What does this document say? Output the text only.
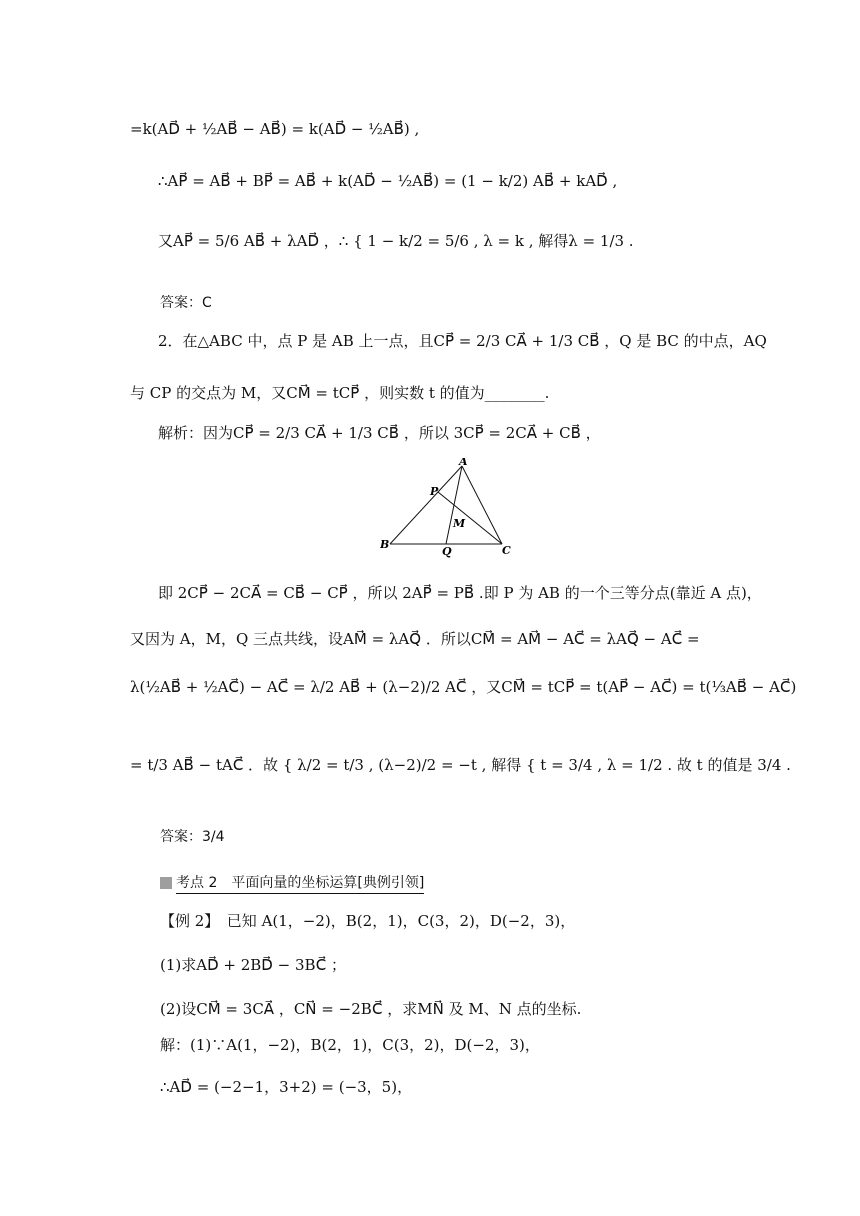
=k(AD⃗ + ½AB⃗ − AB⃗) = k(AD⃗ − ½AB⃗) ,
∴AP⃗ = AB⃗ + BP⃗ = AB⃗ + k(AD⃗ − ½AB⃗) = (1 − k/2) AB⃗ + kAD⃗ ,
又AP⃗ = 5/6 AB⃗ + λAD⃗ ，∴ { 1 − k/2 = 5/6 , λ = k , 解得λ = 1/3 .
答案：C
2．在△ABC 中，点 P 是 AB 上一点，且CP⃗ = 2/3 CA⃗ + 1/3 CB⃗ ，Q 是 BC 的中点，AQ
与 CP 的交点为 M，又CM⃗ = tCP⃗ ，则实数 t 的值为________.
解析：因为CP⃗ = 2/3 CA⃗ + 1/3 CB⃗ ，所以 3CP⃗ = 2CA⃗ + CB⃗ ，
A
B	C
P
Q
M
即 2CP⃗ − 2CA⃗ = CB⃗ − CP⃗ ，所以 2AP⃗ = PB⃗ .即 P 为 AB 的一个三等分点(靠近 A 点)，
又因为 A，M，Q 三点共线，设AM⃗ = λAQ⃗ ．所以CM⃗ = AM⃗ − AC⃗ = λAQ⃗ − AC⃗ =
λ(½AB⃗ + ½AC⃗) − AC⃗ = λ/2 AB⃗ + (λ−2)/2 AC⃗ ，又CM⃗ = tCP⃗ = t(AP⃗ − AC⃗) = t(⅓AB⃗ − AC⃗)
= t/3 AB⃗ − tAC⃗ ．故 { λ/2 = t/3 , (λ−2)/2 = −t , 解得 { t = 3/4 , λ = 1/2 . 故 t 的值是 3/4 .
答案：3/4
考点 2　平面向量的坐标运算[典例引领]
【例 2】　已知 A(1，−2)，B(2，1)，C(3，2)，D(−2，3)，
(1)求AD⃗ + 2BD⃗ − 3BC⃗ ；
(2)设CM⃗ = 3CA⃗ ，CN⃗ = −2BC⃗ ，求MN⃗ 及 M、N 点的坐标.
解：(1)∵A(1，−2)，B(2，1)，C(3，2)，D(−2，3)，
∴AD⃗ = (−2−1，3+2) = (−3，5)，
